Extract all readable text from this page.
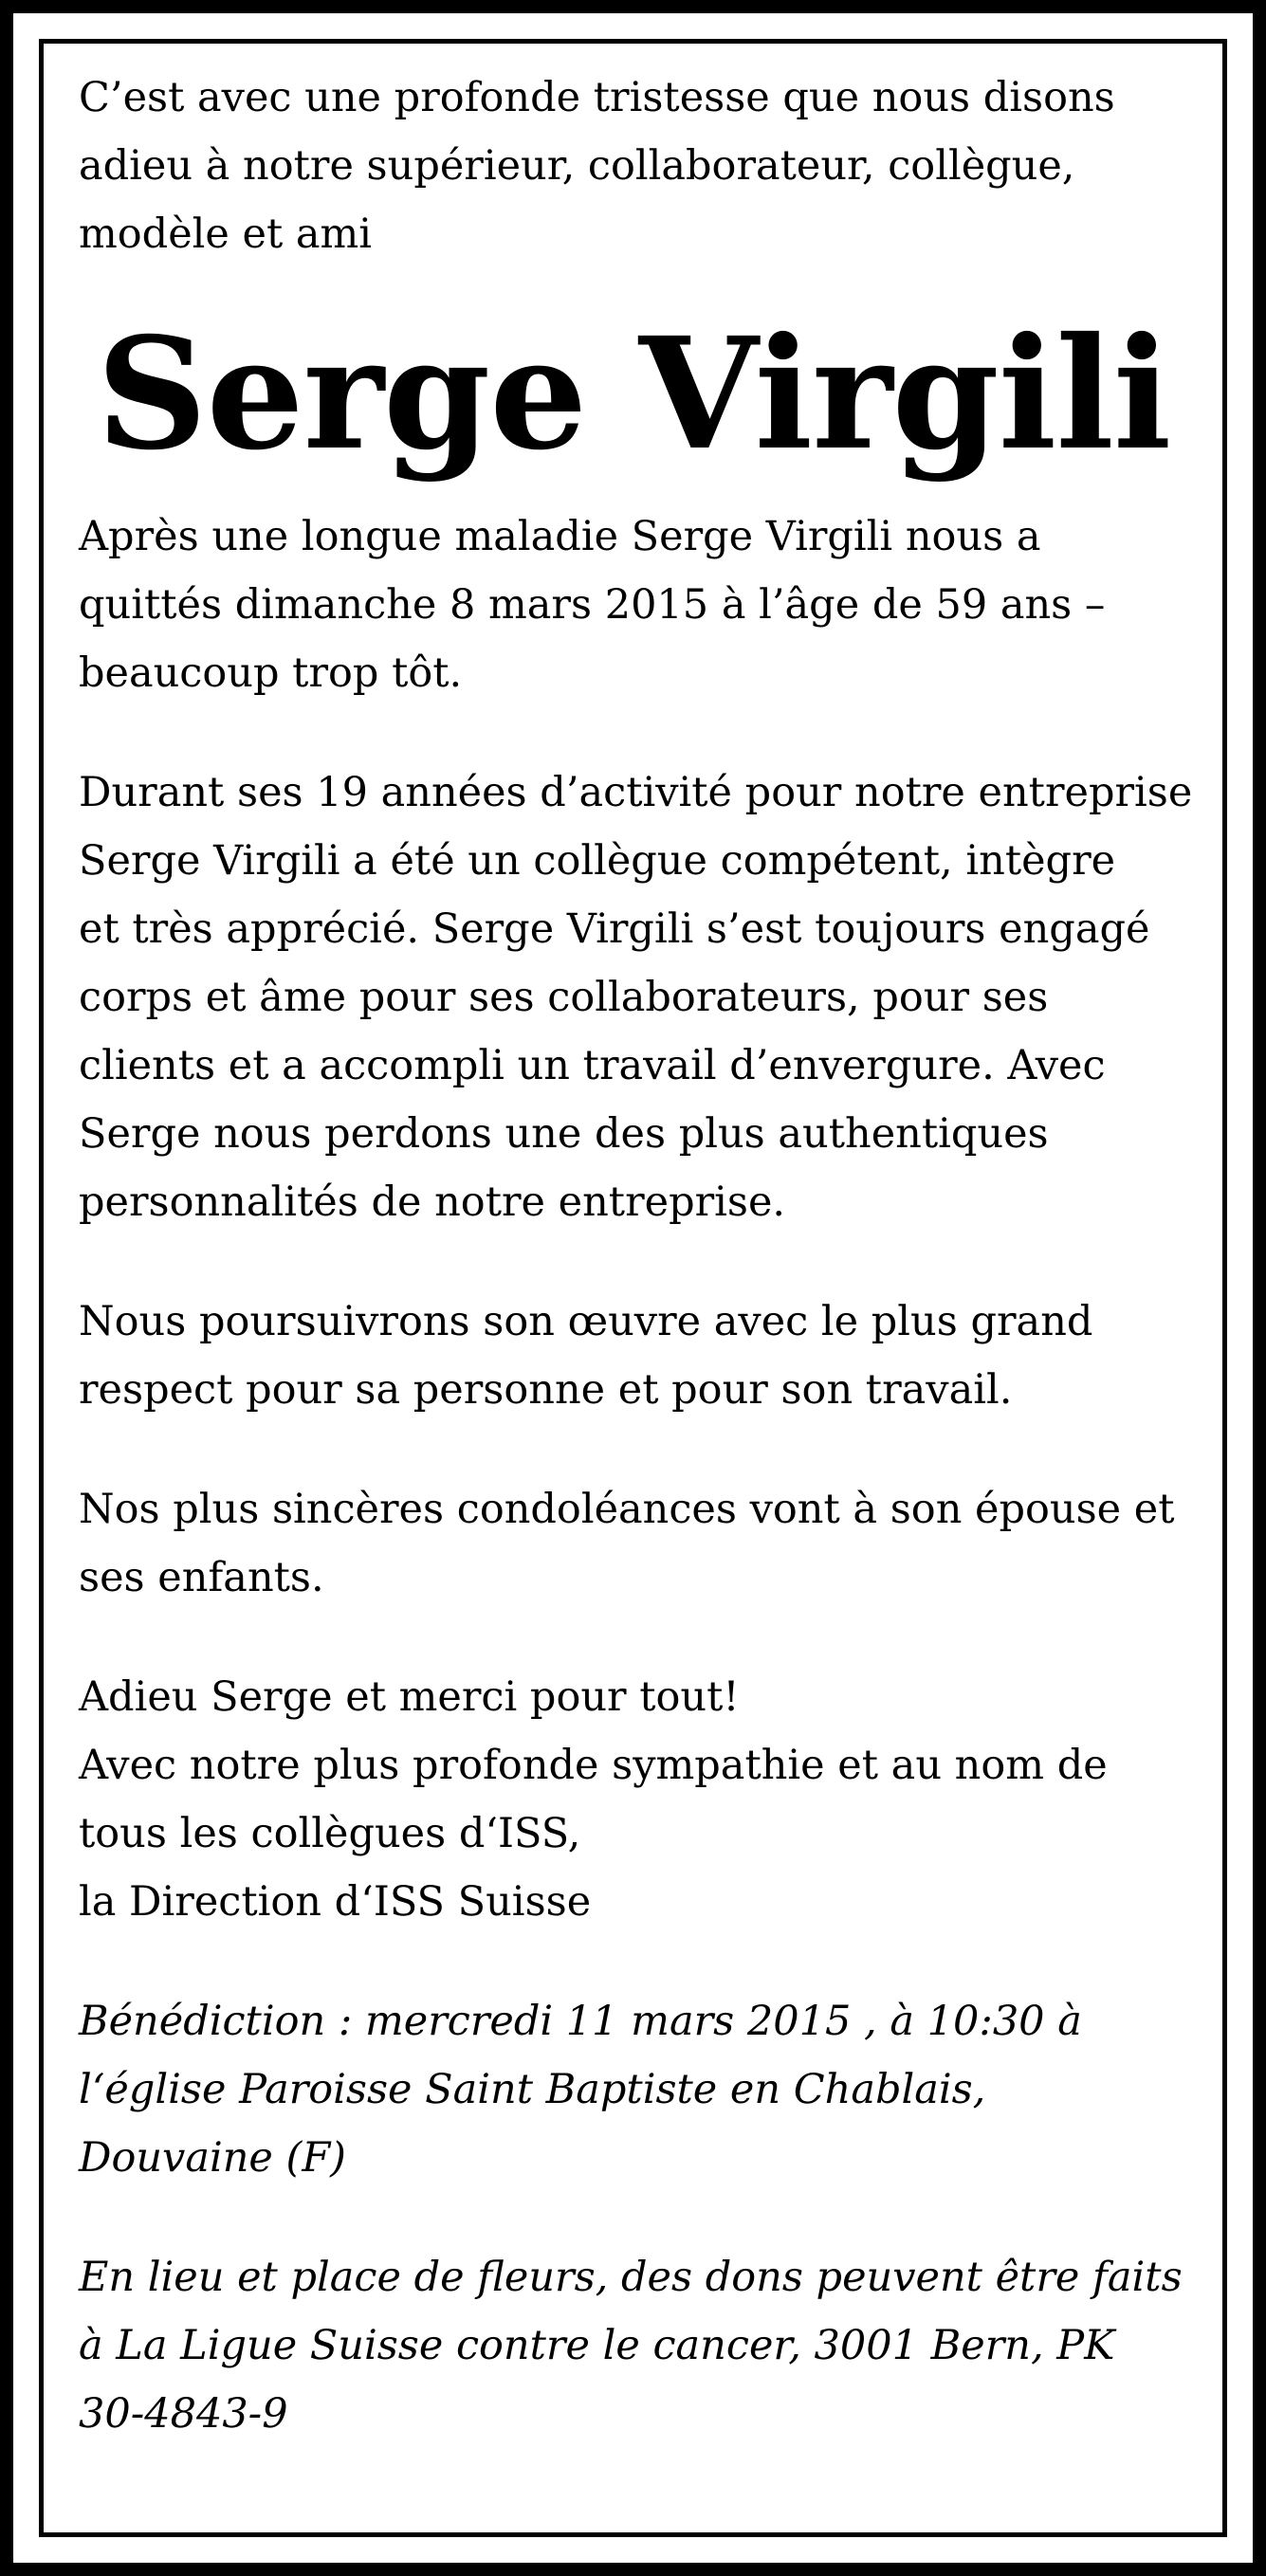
C’est avec une profonde tristesse que nous disons
adieu à notre supérieur, collaborateur, collègue,
modèle et ami

Serge Virgili

Après une longue maladie Serge Virgili nous a
quittés dimanche 8 mars 2015 à l’âge de 59 ans –
beaucoup trop tôt.

Durant ses 19 années d’activité pour notre entreprise
Serge Virgili a été un collègue compétent, intègre
et très apprécié. Serge Virgili s’est toujours engagé
corps et âme pour ses collaborateurs, pour ses
clients et a accompli un travail d’envergure. Avec
Serge nous perdons une des plus authentiques
personnalités de notre entreprise.

Nous poursuivrons son œuvre avec le plus grand
respect pour sa personne et pour son travail.

Nos plus sincères condoléances vont à son épouse et
ses enfants.

Adieu Serge et merci pour tout!
Avec notre plus profonde sympathie et au nom de
tous les collègues d‘ISS,
la Direction d‘ISS Suisse

Bénédiction : mercredi 11 mars 2015 , à 10:30 à
l‘église Paroisse Saint Baptiste en Chablais,
Douvaine (F)

En lieu et place de fleurs, des dons peuvent être faits
à La Ligue Suisse contre le cancer, 3001 Bern, PK
30-4843-9
